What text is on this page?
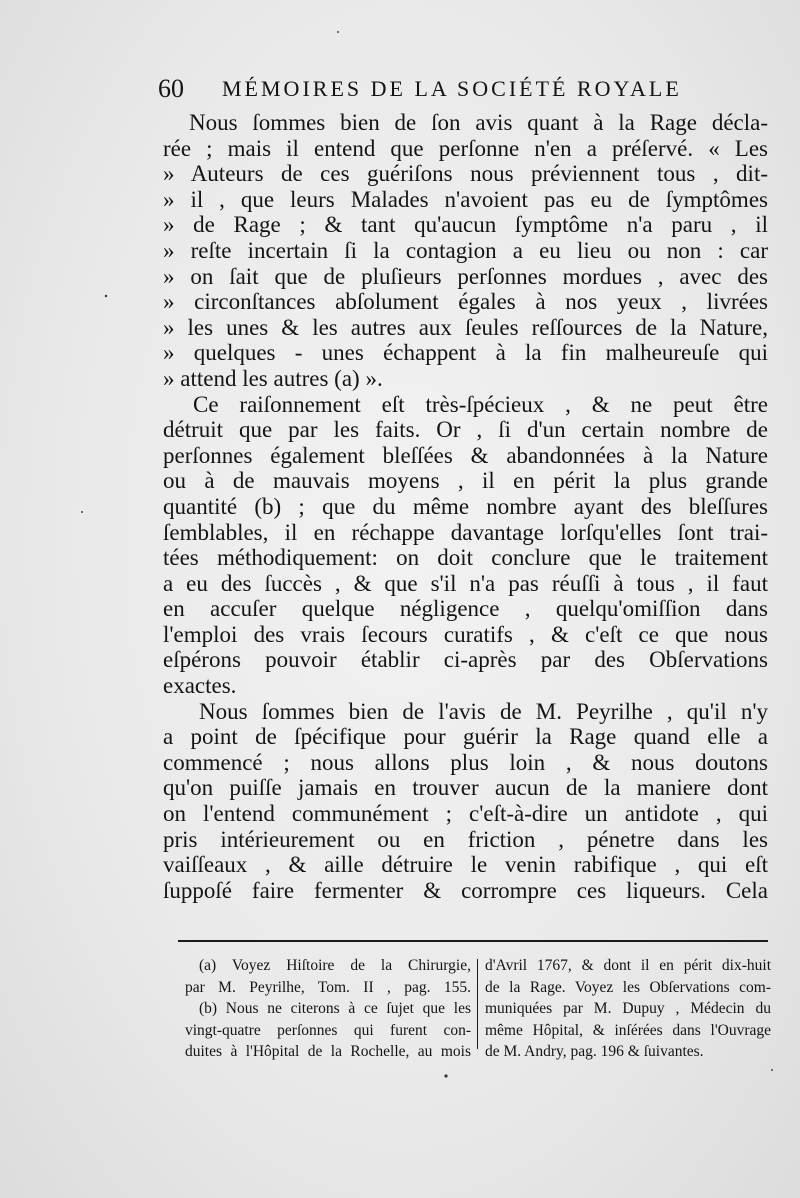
60 MÉMOIRES DE LA SOCIÉTÉ ROYALE
Nous ſommes bien de ſon avis quant à la Rage décla-
rée ; mais il entend que perſonne n'en a préſervé. « Les
» Auteurs de ces guériſons nous préviennent tous , dit-
» il , que leurs Malades n'avoient pas eu de ſymptômes
» de Rage ; & tant qu'aucun ſymptôme n'a paru , il
» reſte incertain ſi la contagion a eu lieu ou non : car
» on ſait que de pluſieurs perſonnes mordues , avec des
» circonſtances abſolument égales à nos yeux , livrées
» les unes & les autres aux ſeules reſſources de la Nature,
» quelques - unes échappent à la fin malheureuſe qui
» attend les autres (a) ».
Ce raiſonnement eſt très-ſpécieux , & ne peut être
détruit que par les faits. Or , ſi d'un certain nombre de
perſonnes également bleſſées & abandonnées à la Nature
ou à de mauvais moyens , il en périt la plus grande
quantité (b) ; que du même nombre ayant des bleſſures
ſemblables, il en réchappe davantage lorſqu'elles ſont trai-
tées méthodiquement: on doit conclure que le traitement
a eu des ſuccès , & que s'il n'a pas réuſſi à tous , il faut
en accuſer quelque négligence , quelqu'omiſſion dans
l'emploi des vrais ſecours curatifs , & c'eſt ce que nous
eſpérons pouvoir établir ci-après par des Obſervations
exactes.
Nous ſommes bien de l'avis de M. Peyrilhe , qu'il n'y
a point de ſpécifique pour guérir la Rage quand elle a
commencé ; nous allons plus loin , & nous doutons
qu'on puiſſe jamais en trouver aucun de la maniere dont
on l'entend communément ; c'eſt-à-dire un antidote , qui
pris intérieurement ou en friction , pénetre dans les
vaiſſeaux , & aille détruire le venin rabifique , qui eſt
ſuppoſé faire fermenter & corrompre ces liqueurs. Cela
(a) Voyez Hiſtoire de la Chirurgie,
par M. Peyrilhe, Tom. II , pag. 155.
(b) Nous ne citerons à ce ſujet que les
vingt-quatre perſonnes qui furent con-
duites à l'Hôpital de la Rochelle, au mois
d'Avril 1767, & dont il en périt dix-huit
de la Rage. Voyez les Obſervations com-
muniquées par M. Dupuy , Médecin du
même Hôpital, & inſérées dans l'Ouvrage
de M. Andry, pag. 196 & ſuivantes.
